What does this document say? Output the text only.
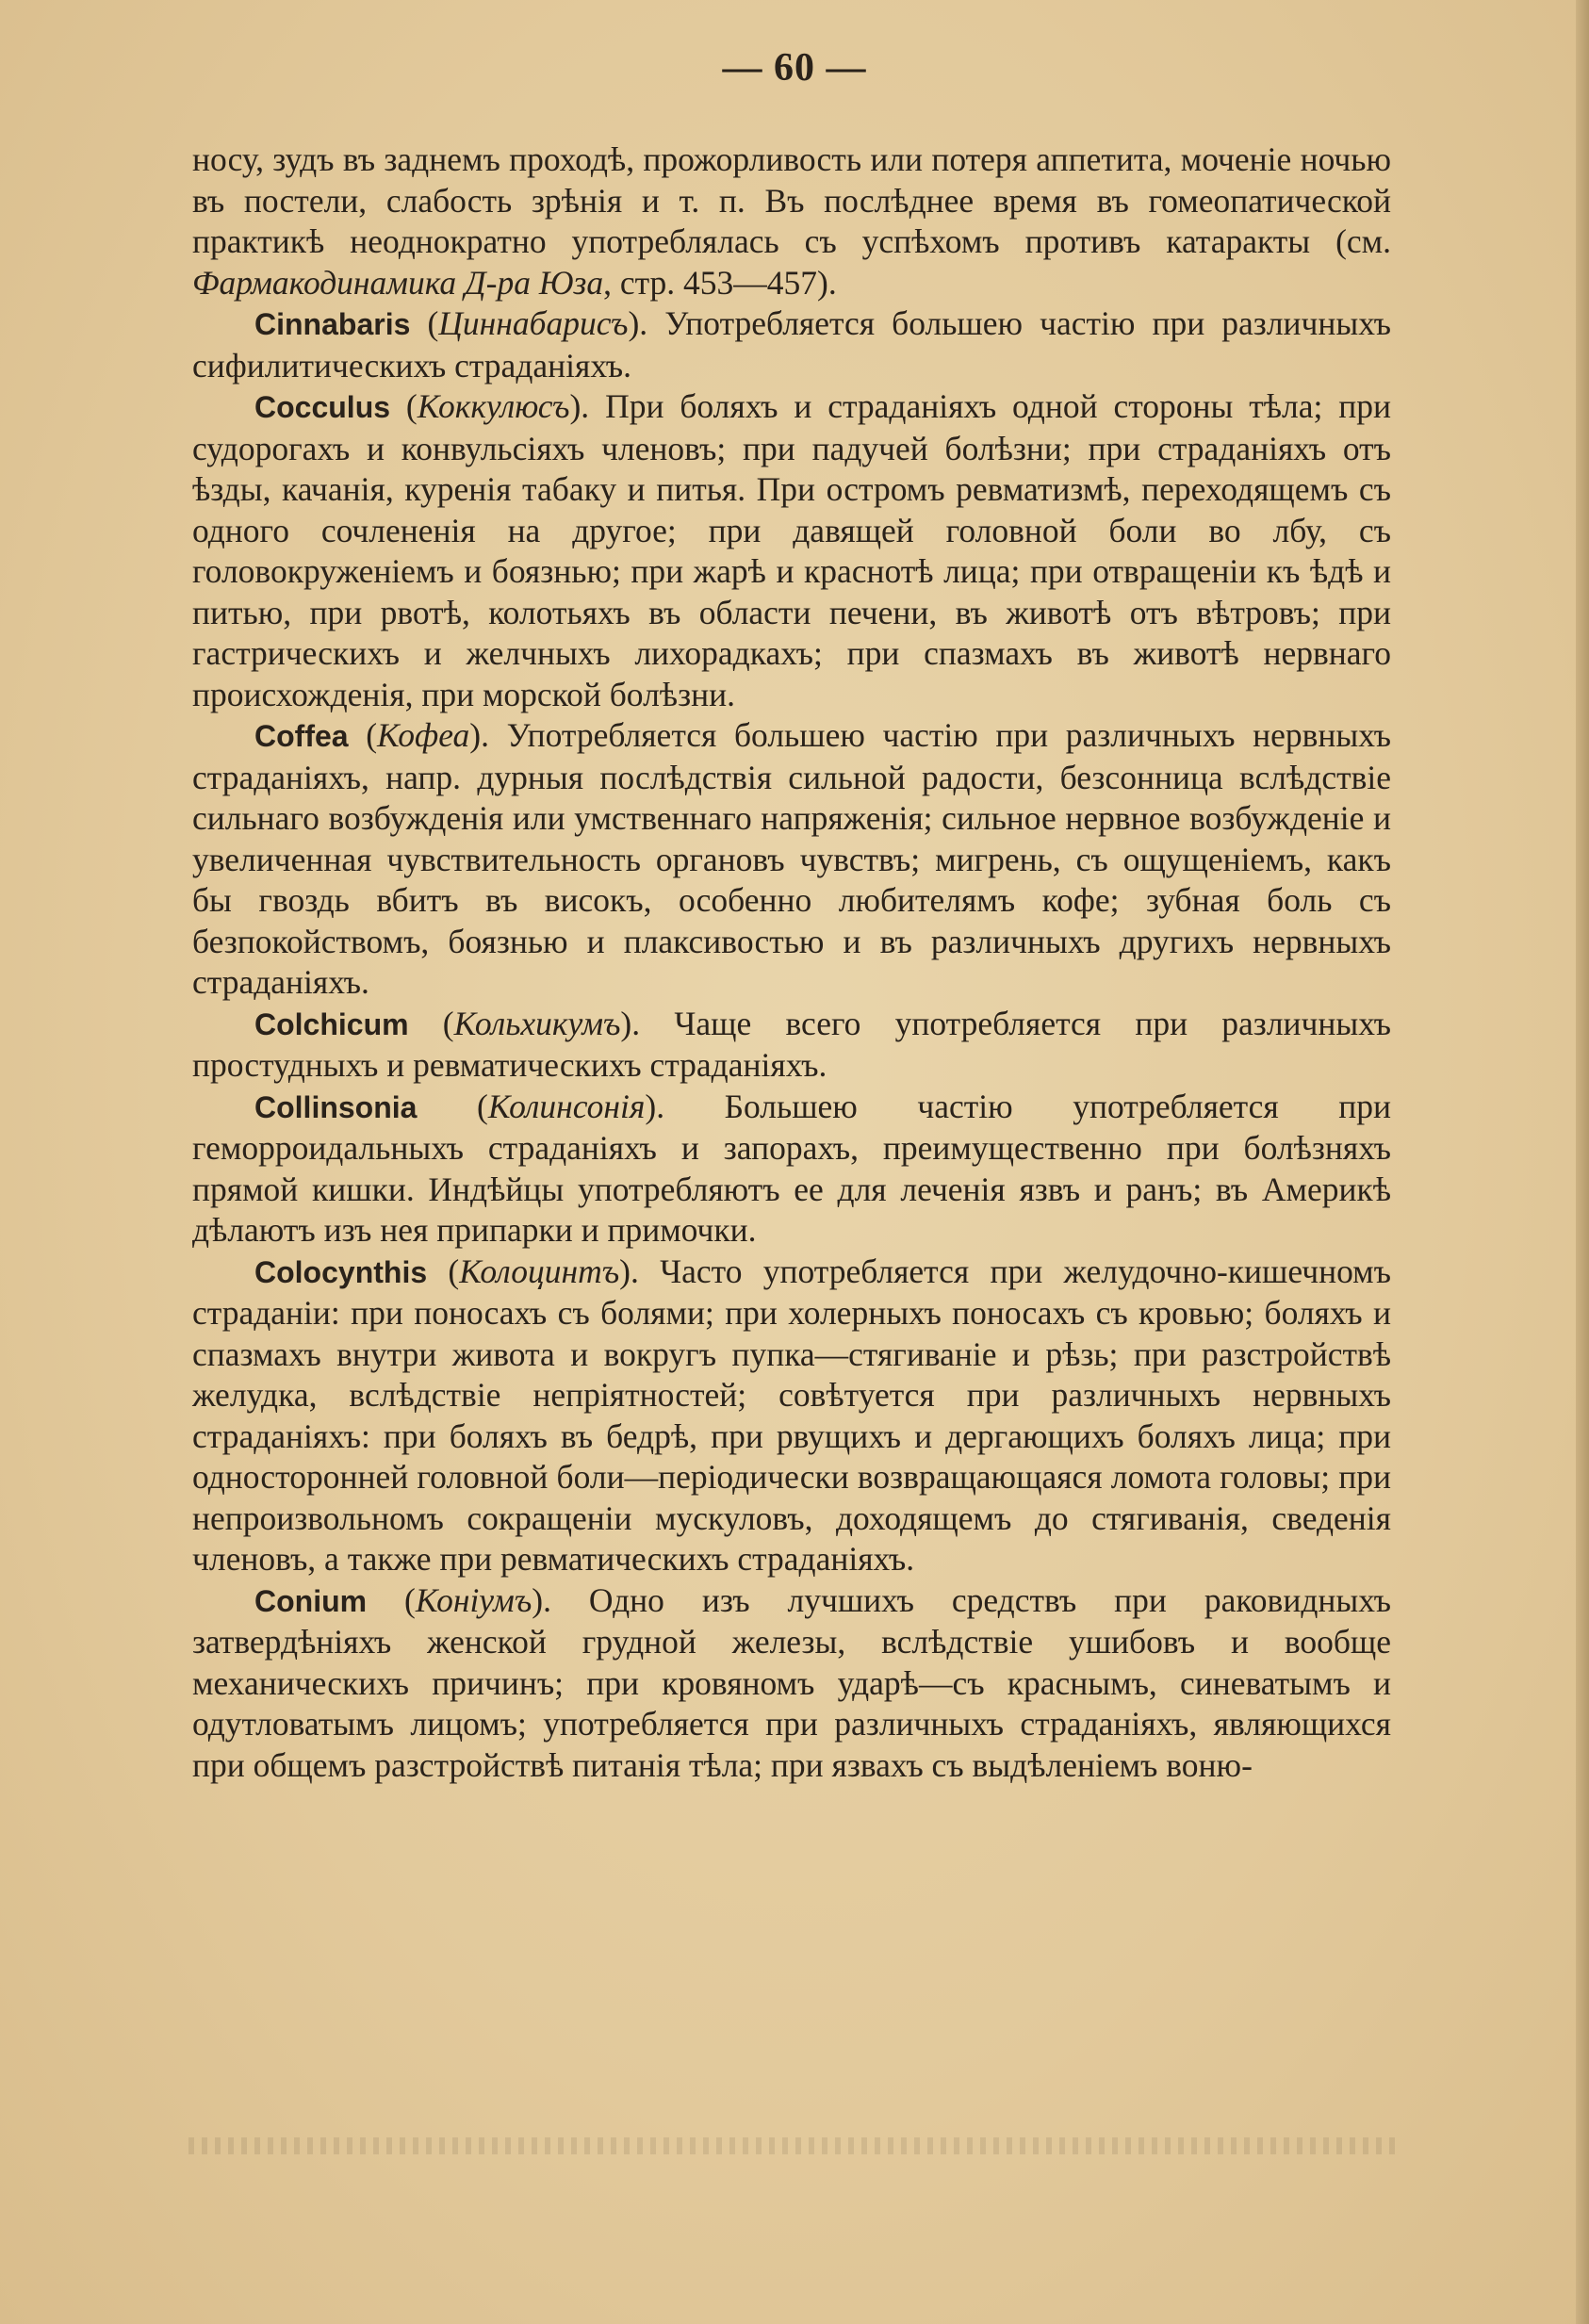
— 60 —

носу, зудъ въ заднемъ проходѣ, прожорливость или потеря аппетита, моченіе ночью въ постели, слабость зрѣнія и т. п. Въ послѣднее время въ гомеопатической практикѣ неоднократно употреблялась съ успѣхомъ противъ катаракты (см. Фармакодинамика Д-ра Юза, стр. 453—457).

Cinnabaris (Циннабарисъ). Употребляется большею частію при различныхъ сифилитическихъ страданіяхъ.

Cocculus (Коккулюсъ). При боляхъ и страданіяхъ одной стороны тѣла; при судорогахъ и конвульсіяхъ членовъ; при падучей болѣзни; при страданіяхъ отъ ѣзды, качанія, куренія табаку и питья. При остромъ ревматизмѣ, переходящемъ съ одного сочлененія на другое; при давящей головной боли во лбу, съ головокруженіемъ и боязнью; при жарѣ и краснотѣ лица; при отвращеніи къ ѣдѣ и питью, при рвотѣ, колотьяхъ въ области печени, въ животѣ отъ вѣтровъ; при гастрическихъ и желчныхъ лихорадкахъ; при спазмахъ въ животѣ нервнаго происхожденія, при морской болѣзни.

Coffea (Кофеа). Употребляется большею частію при различныхъ нервныхъ страданіяхъ, напр. дурныя послѣдствія сильной радости, безсонница вслѣдствіе сильнаго возбужденія или умственнаго напряженія; сильное нервное возбужденіе и увеличенная чувствительность органовъ чувствъ; мигрень, съ ощущеніемъ, какъ бы гвоздь вбитъ въ високъ, особенно любителямъ кофе; зубная боль съ безпокойствомъ, боязнью и плаксивостью и въ различныхъ другихъ нервныхъ страданіяхъ.

Colchicum (Кольхикумъ). Чаще всего употребляется при различныхъ простудныхъ и ревматическихъ страданіяхъ.

Collinsonia (Колинсонія). Большею частію употребляется при геморроидальныхъ страданіяхъ и запорахъ, преимущественно при болѣзняхъ прямой кишки. Индѣйцы употребляютъ ее для леченія язвъ и ранъ; въ Америкѣ дѣлаютъ изъ нея припарки и примочки.

Colocynthis (Колоцинтъ). Часто употребляется при желудочно-кишечномъ страданіи: при поносахъ съ болями; при холерныхъ поносахъ съ кровью; боляхъ и спазмахъ внутри живота и вокругъ пупка—стягиваніе и рѣзь; при разстройствѣ желудка, вслѣдствіе непріятностей; совѣтуется при различныхъ нервныхъ страданіяхъ: при боляхъ въ бедрѣ, при рвущихъ и дергающихъ боляхъ лица; при односторонней головной боли—періодически возвращающаяся ломота головы; при непроизвольномъ сокращеніи мускуловъ, доходящемъ до стягиванія, сведенія членовъ, а также при ревматическихъ страданіяхъ.

Conium (Коніумъ). Одно изъ лучшихъ средствъ при раковидныхъ затвердѣніяхъ женской грудной железы, вслѣдствіе ушибовъ и вообще механическихъ причинъ; при кровяномъ ударѣ—съ краснымъ, синеватымъ и одутловатымъ лицомъ; употребляется при различныхъ страданіяхъ, являющихся при общемъ разстройствѣ питанія тѣла; при язвахъ съ выдѣленіемъ воню-
